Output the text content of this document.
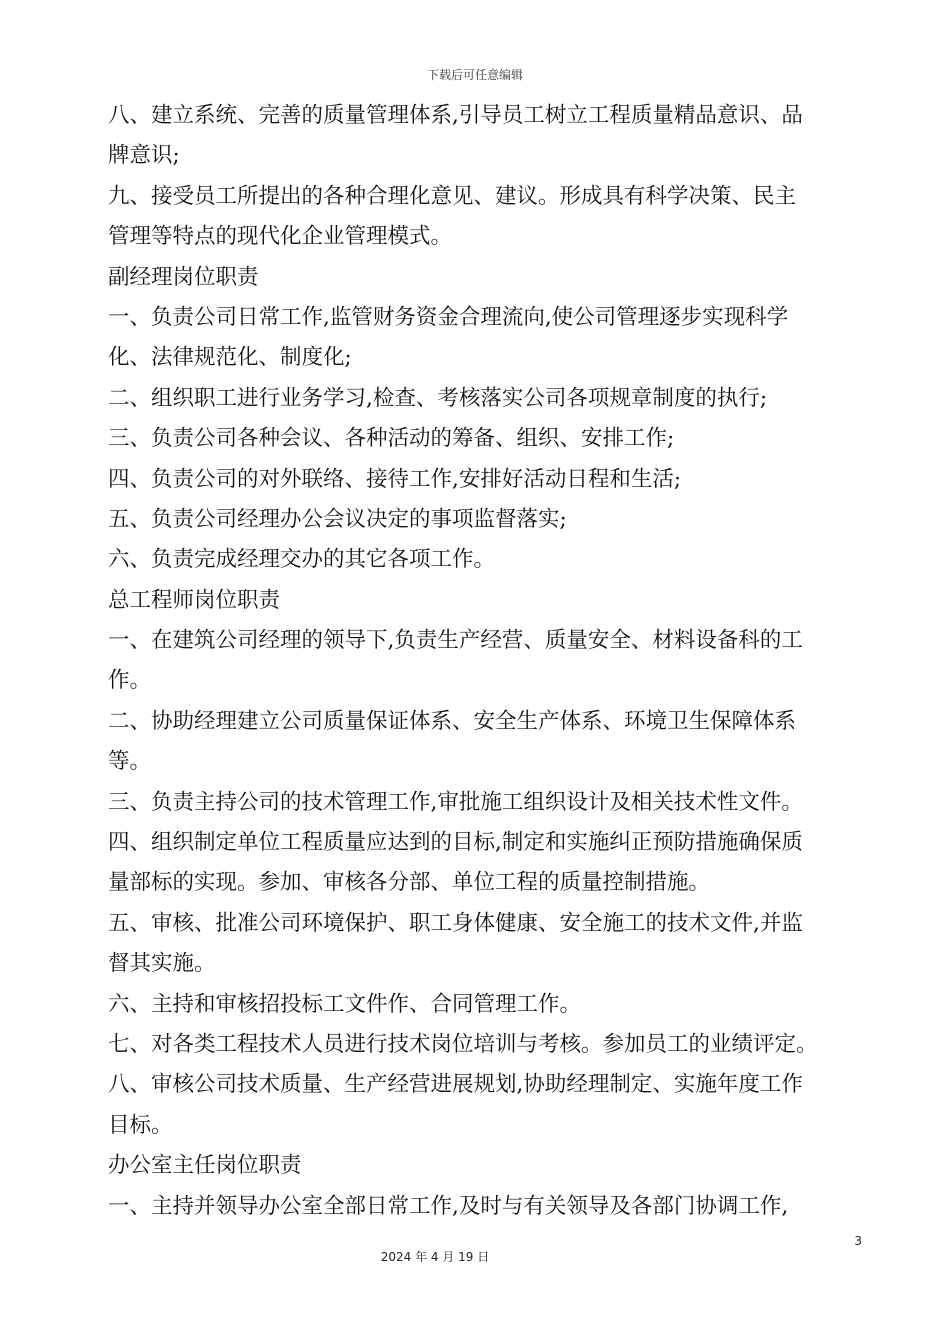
下载后可任意编辑
八、建立系统、完善的质量管理体系,引导员工树立工程质量精品意识、品
牌意识;
九、接受员工所提出的各种合理化意见、建议。形成具有科学决策、民主
管理等特点的现代化企业管理模式。
副经理岗位职责
一、负责公司日常工作,监管财务资金合理流向,使公司管理逐步实现科学
化、法律规范化、制度化;
二、组织职工进行业务学习,检查、考核落实公司各项规章制度的执行;
三、负责公司各种会议、各种活动的筹备、组织、安排工作;
四、负责公司的对外联络、接待工作,安排好活动日程和生活;
五、负责公司经理办公会议决定的事项监督落实;
六、负责完成经理交办的其它各项工作。
总工程师岗位职责
一、在建筑公司经理的领导下,负责生产经营、质量安全、材料设备科的工
作。
二、协助经理建立公司质量保证体系、安全生产体系、环境卫生保障体系
等。
三、负责主持公司的技术管理工作,审批施工组织设计及相关技术性文件。
四、组织制定单位工程质量应达到的目标,制定和实施纠正预防措施确保质
量部标的实现。参加、审核各分部、单位工程的质量控制措施。
五、审核、批准公司环境保护、职工身体健康、安全施工的技术文件,并监
督其实施。
六、主持和审核招投标工文件作、合同管理工作。
七、对各类工程技术人员进行技术岗位培训与考核。参加员工的业绩评定。
八、审核公司技术质量、生产经营进展规划,协助经理制定、实施年度工作
目标。
办公室主任岗位职责
一、主持并领导办公室全部日常工作,及时与有关领导及各部门协调工作,
3
2024 年 4 月 19 日
